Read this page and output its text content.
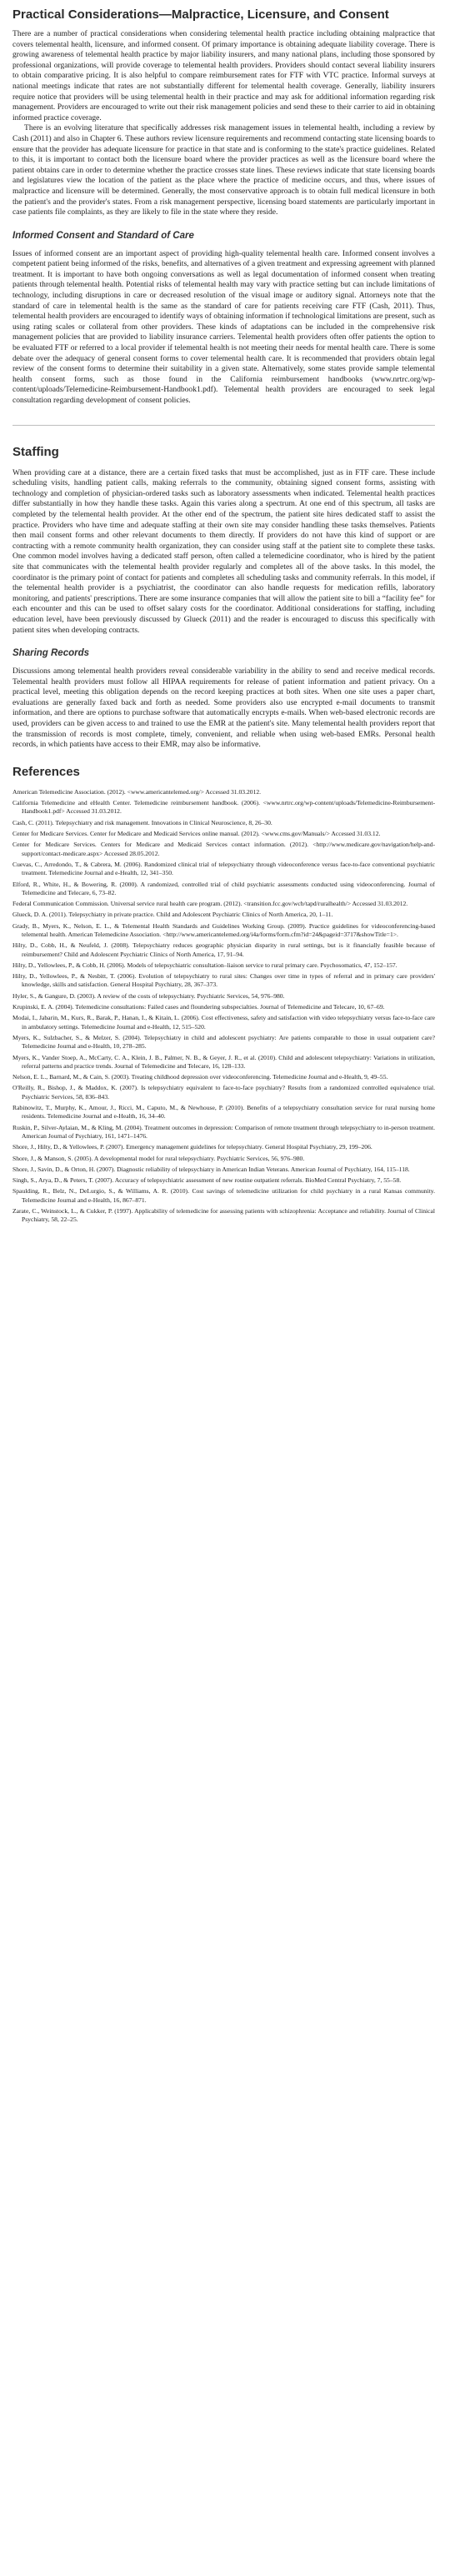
Practical Considerations—Malpractice, Licensure, and Consent

There are a number of practical considerations when considering telemental health practice including obtaining malpractice that covers telemental health, licensure, and informed consent. Of primary importance is obtaining adequate liability coverage. There is growing awareness of telemental health practice by major liability insurers, and many national plans, including those sponsored by professional organizations, will provide coverage to telemental health providers. Providers should contact several liability insurers to obtain comparative pricing. It is also helpful to compare reimbursement rates for FTF with VTC practice. Informal surveys at national meetings indicate that rates are not substantially different for telemental health coverage. Generally, liability insurers require notice that providers will be using telemental health in their practice and may ask for additional information regarding risk management. Providers are encouraged to write out their risk management policies and send these to their carrier to aid in obtaining informed practice coverage.

There is an evolving literature that specifically addresses risk management issues in telemental health, including a review by Cash (2011) and also in Chapter 6. These authors review licensure requirements and recommend contacting state licensing boards to ensure that the provider has adequate licensure for practice in that state and is conforming to the state's practice guidelines. Related to this, it is important to contact both the licensure board where the provider practices as well as the licensure board where the patient obtains care in order to determine whether the practice crosses state lines. These reviews indicate that state licensing boards and legislatures view the location of the patient as the place where the practice of medicine occurs, and thus, where issues of malpractice and licensure will be determined. Generally, the most conservative approach is to obtain full medical licensure in both the patient's and the provider's states. From a risk management perspective, licensing board statements are particularly important in case patients file complaints, as they are likely to file in the state where they reside.

Informed Consent and Standard of Care

Issues of informed consent are an important aspect of providing high-quality telemental health care. Informed consent involves a competent patient being informed of the risks, benefits, and alternatives of a given treatment and expressing agreement with planned treatment. It is important to have both ongoing conversations as well as legal documentation of informed consent when treating patients through telemental health. Potential risks of telemental health may vary with practice setting but can include limitations of technology, including disruptions in care or decreased resolution of the visual image or auditory signal. Attorneys note that the standard of care in telemental health is the same as the standard of care for patients receiving care FTF (Cash, 2011). Thus, telemental health providers are encouraged to identify ways of obtaining information if technological limitations are present, such as using rating scales or collateral from other providers. These kinds of adaptations can be included in the comprehensive risk management policies that are provided to liability insurance carriers. Telemental health providers often offer patients the option to be evaluated FTF or referred to a local provider if telemental health is not meeting their needs for mental health care. There is some debate over the adequacy of general consent forms to cover telemental health care. It is recommended that providers obtain legal review of the consent forms to determine their suitability in a given state. Alternatively, some states provide sample telemental health consent forms, such as those found in the California reimbursement handbooks (www.nrtrc.org/wp-content/uploads/Telemedicine-Reimbursement-Handbook1.pdf). Telemental health providers are encouraged to seek legal consultation regarding development of consent policies.

Staffing

When providing care at a distance, there are a certain fixed tasks that must be accomplished, just as in FTF care. These include scheduling visits, handling patient calls, making referrals to the community, obtaining signed consent forms, assisting with technology and completion of physician-ordered tasks such as laboratory assessments when indicated. Telemental health practices differ substantially in how they handle these tasks. Again this varies along a spectrum. At one end of this spectrum, all tasks are completed by the telemental health provider. At the other end of the spectrum, the patient site hires dedicated staff to assist the practice. Providers who have time and adequate staffing at their own site may consider handling these tasks themselves. Patients then mail consent forms and other relevant documents to them directly. If providers do not have this kind of support or are contracting with a remote community health organization, they can consider using staff at the patient site to complete these tasks. One common model involves having a dedicated staff person, often called a telemedicine coordinator, who is hired by the patient site that communicates with the telemental health provider regularly and completes all of the above tasks. In this model, the coordinator is the primary point of contact for patients and completes all scheduling tasks and community referrals. In this model, if the telemental health provider is a psychiatrist, the coordinator can also handle requests for medication refills, laboratory monitoring, and patients' prescriptions. There are some insurance companies that will allow the patient site to bill a “facility fee” for each encounter and this can be used to offset salary costs for the coordinator. Additional considerations for staffing, including education level, have been previously discussed by Glueck (2011) and the reader is encouraged to discuss this specifically with patient sites when developing contracts.

Sharing Records

Discussions among telemental health providers reveal considerable variability in the ability to send and receive medical records. Telemental health providers must follow all HIPAA requirements for release of patient information and patient privacy. On a practical level, meeting this obligation depends on the record keeping practices at both sites. When one site uses a paper chart, evaluations are generally faxed back and forth as needed. Some providers also use encrypted e-mail documents to transmit information, and there are options to purchase software that automatically encrypts e-mails. When web-based electronic records are used, providers can be given access to and trained to use the EMR at the patient's site. Many telemental health providers report that the transmission of records is most complete, timely, convenient, and reliable when using web-based EMRs. Personal health records, in which patients have access to their EMR, may also be informative.

References
American Telemedicine Association. (2012). <www.americantelemed.org/> Accessed 31.03.2012.
California Telemedicine and eHealth Center. Telemedicine reimbursement handbook. (2006). <www.nrtrc.org/wp-content/uploads/Telemedicine-Reimbursement-Handbook1.pdf> Accessed 31.03.2012.
Cash, C. (2011). Telepsychiatry and risk management. Innovations in Clinical Neuroscience, 8, 26–30.
Center for Medicare Services. Center for Medicare and Medicaid Services online manual. (2012). <www.cms.gov/Manuals/> Accessed 31.03.12.
Center for Medicare Services. Centers for Medicare and Medicaid Services contact information. (2012). <http://www.medicare.gov/navigation/help-and-support/contact-medicare.aspx> Accessed 28.05.2012.
Cuevas, C., Arredondo, T., & Cabrera, M. (2006). Randomized clinical trial of telepsychiatry through videoconference versus face-to-face conventional psychiatric treatment. Telemedicine Journal and e-Health, 12, 341–350.
Elford, R., White, H., & Bowering, R. (2000). A randomized, controlled trial of child psychiatric assessments conducted using videoconferencing. Journal of Telemedicine and Telecare, 6, 73–82.
Federal Communication Commission. Universal service rural health care program. (2012). <transition.fcc.gov/wcb/tapd/ruralhealth/> Accessed 31.03.2012.
Glueck, D. A. (2011). Telepsychiatry in private practice. Child and Adolescent Psychiatric Clinics of North America, 20, 1–11.
Grady, B., Myers, K., Nelson, E. L., & Telemental Health Standards and Guidelines Working Group. (2009). Practice guidelines for videoconferencing-based telemental health. American Telemedicine Association. <http://www.americantelemed.org/i4a/forms/form.cfm?id=24&pageid=3717&showTitle=1>.
Hilty, D., Cobb, H., & Neufeld, J. (2008). Telepsychiatry reduces geographic physician disparity in rural settings, but is it financially feasible because of reimbursement? Child and Adolescent Psychiatric Clinics of North America, 17, 91–94.
Hilty, D., Yellowlees, P., & Cobb, H. (2006). Models of telepsychiatric consultation–liaison service to rural primary care. Psychosomatics, 47, 152–157.
Hilty, D., Yellowlees, P., & Nesbitt, T. (2006). Evolution of telepsychiatry to rural sites: Changes over time in types of referral and in primary care providers' knowledge, skills and satisfaction. General Hospital Psychiatry, 28, 367–373.
Hyler, S., & Gangure, D. (2003). A review of the costs of telepsychiatry. Psychiatric Services, 54, 976–980.
Krupinski, E. A. (2004). Telemedicine consultations: Failed cases and floundering subspecialties. Journal of Telemedicine and Telecare, 10, 67–69.
Modai, I., Jabarin, M., Kurs, R., Barak, P., Hanan, I., & Kitain, L. (2006). Cost effectiveness, safety and satisfaction with video telepsychiatry versus face-to-face care in ambulatory settings. Telemedicine Journal and e-Health, 12, 515–520.
Myers, K., Sulzbacher, S., & Melzer, S. (2004). Telepsychiatry in child and adolescent psychiatry: Are patients comparable to those in usual outpatient care? Telemedicine Journal and e-Health, 10, 278–285.
Myers, K., Vander Stoep, A., McCarty, C. A., Klein, J. B., Palmer, N. B., & Geyer, J. R., et al. (2010). Child and adolescent telepsychiatry: Variations in utilization, referral patterns and practice trends. Journal of Telemedicine and Telecare, 16, 128–133.
Nelson, E. L., Barnard, M., & Cain, S. (2003). Treating childhood depression over videoconferencing. Telemedicine Journal and e-Health, 9, 49–55.
O'Reilly, R., Bishop, J., & Maddox, K. (2007). Is telepsychiatry equivalent to face-to-face psychiatry? Results from a randomized controlled equivalence trial. Psychiatric Services, 58, 836–843.
Rabinowitz, T., Murphy, K., Amour, J., Ricci, M., Caputo, M., & Newhouse, P. (2010). Benefits of a telepsychiatry consultation service for rural nursing home residents. Telemedicine Journal and e-Health, 16, 34–40.
Ruskin, P., Silver-Aylaian, M., & Kling, M. (2004). Treatment outcomes in depression: Comparison of remote treatment through telepsychiatry to in-person treatment. American Journal of Psychiatry, 161, 1471–1476.
Shore, J., Hilty, D., & Yellowlees, P. (2007). Emergency management guidelines for telepsychiatry. General Hospital Psychiatry, 29, 199–206.
Shore, J., & Manson, S. (2005). A developmental model for rural telepsychiatry. Psychiatric Services, 56, 976–980.
Shore, J., Savin, D., & Orton, H. (2007). Diagnostic reliability of telepsychiatry in American Indian Veterans. American Journal of Psychiatry, 164, 115–118.
Singh, S., Arya, D., & Peters, T. (2007). Accuracy of telepsychiatric assessment of new routine outpatient referrals. BioMed Central Psychiatry, 7, 55–58.
Spaulding, R., Belz, N., DeLurgio, S., & Williams, A. R. (2010). Cost savings of telemedicine utilization for child psychiatry in a rural Kansas community. Telemedicine Journal and e-Health, 16, 867–871.
Zarate, C., Weinstock, L., & Cukker, P. (1997). Applicability of telemedicine for assessing patients with schizophrenia: Acceptance and reliability. Journal of Clinical Psychiatry, 58, 22–25.
